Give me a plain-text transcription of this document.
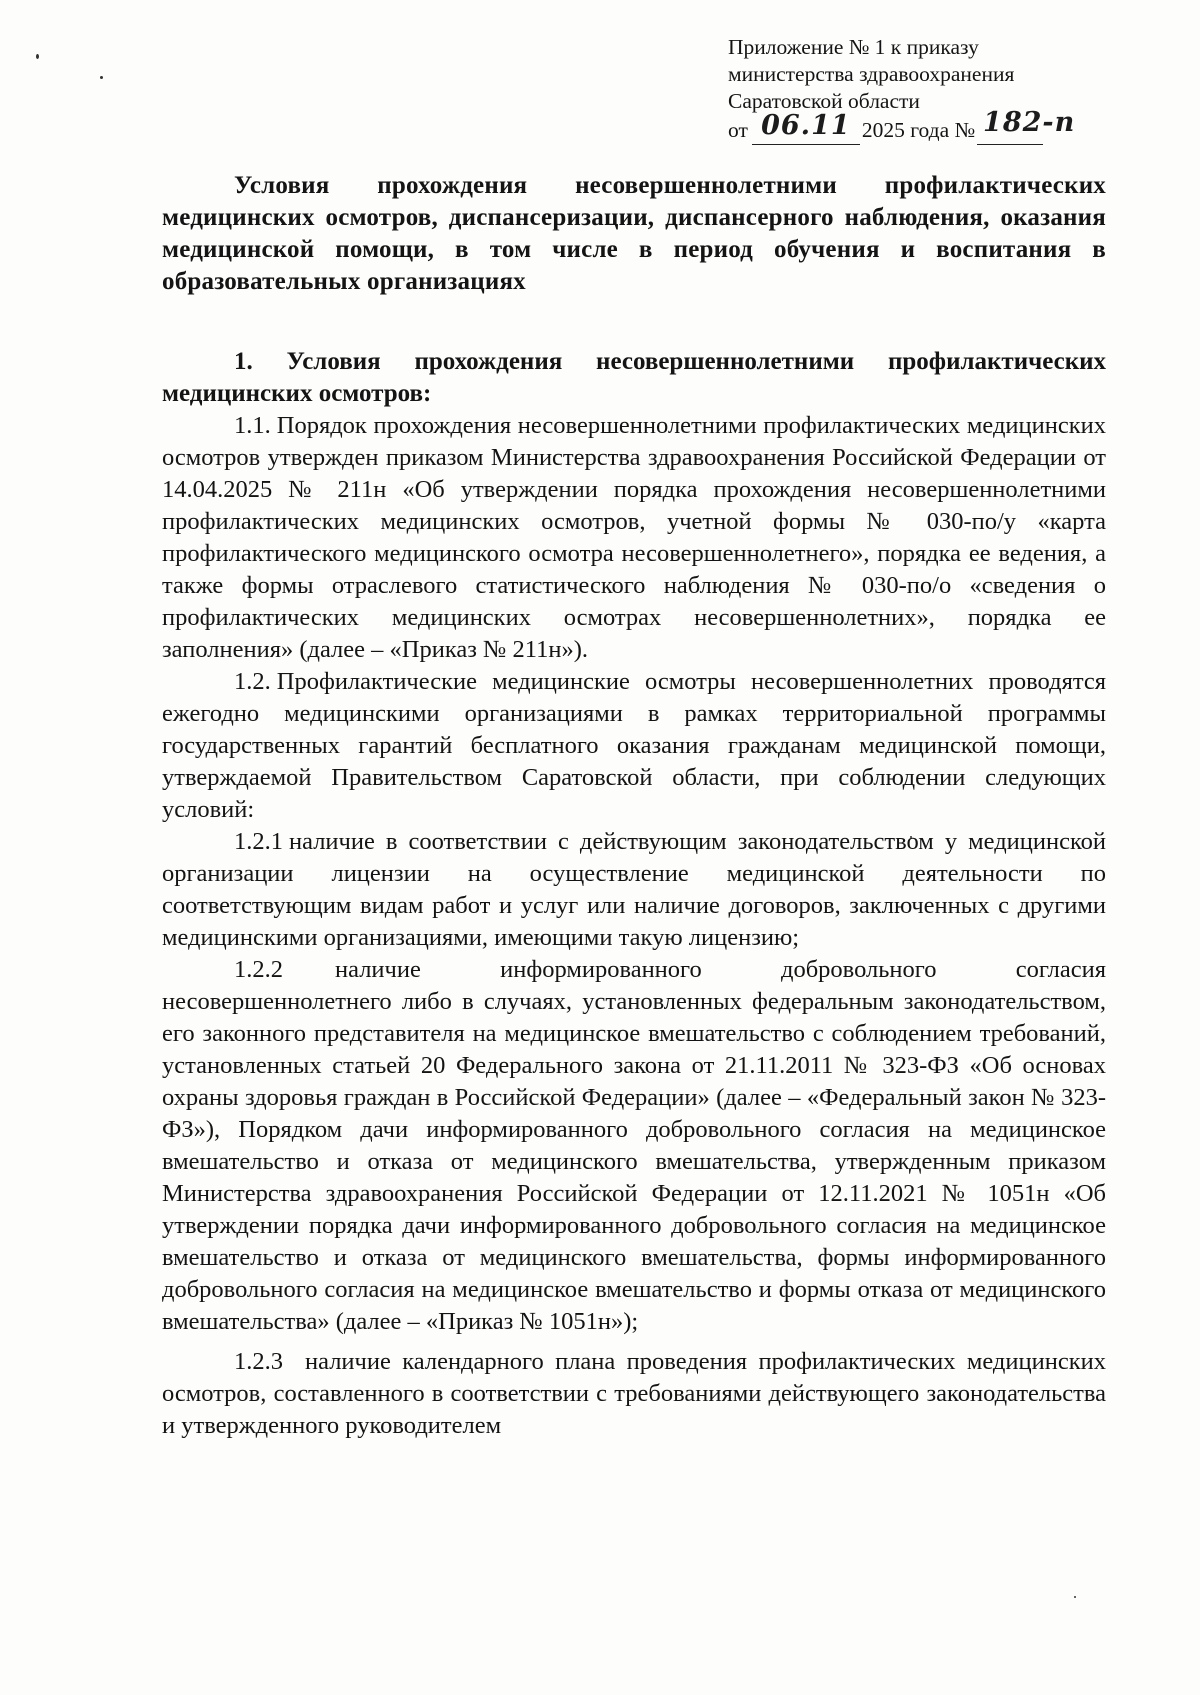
Приложение № 1 к приказу
министерства здравоохранения
Саратовской области
от 06.11 2025 года № 182-п

Условия прохождения несовершеннолетними профилактических медицинских осмотров, диспансеризации, диспансерного наблюдения, оказания медицинской помощи, в том числе в период обучения и воспитания в образовательных организациях

1. Условия прохождения несовершеннолетними профилактических медицинских осмотров:

1.1. Порядок прохождения несовершеннолетними профилактических медицинских осмотров утвержден приказом Министерства здравоохранения Российской Федерации от 14.04.2025 № 211н «Об утверждении порядка прохождения несовершеннолетними профилактических медицинских осмотров, учетной формы № 030-по/у «карта профилактического медицинского осмотра несовершеннолетнего», порядка ее ведения, а также формы отраслевого статистического наблюдения № 030-по/о «сведения о профилактических медицинских осмотрах несовершеннолетних», порядка ее заполнения» (далее – «Приказ № 211н»).

1.2. Профилактические медицинские осмотры несовершеннолетних проводятся ежегодно медицинскими организациями в рамках территориальной программы государственных гарантий бесплатного оказания гражданам медицинской помощи, утверждаемой Правительством Саратовской области, при соблюдении следующих условий:

1.2.1 наличие в соответствии с действующим законодательством у медицинской организации лицензии на осуществление медицинской деятельности по соответствующим видам работ и услуг или наличие договоров, заключенных с другими медицинскими организациями, имеющими такую лицензию;

1.2.2 наличие информированного добровольного согласия несовершеннолетнего либо в случаях, установленных федеральным законодательством, его законного представителя на медицинское вмешательство с соблюдением требований, установленных статьей 20 Федерального закона от 21.11.2011 № 323-ФЗ «Об основах охраны здоровья граждан в Российской Федерации» (далее – «Федеральный закон № 323-ФЗ»), Порядком дачи информированного добровольного согласия на медицинское вмешательство и отказа от медицинского вмешательства, утвержденным приказом Министерства здравоохранения Российской Федерации от 12.11.2021 № 1051н «Об утверждении порядка дачи информированного добровольного согласия на медицинское вмешательство и отказа от медицинского вмешательства, формы информированного добровольного согласия на медицинское вмешательство и формы отказа от медицинского вмешательства» (далее – «Приказ № 1051н»);

1.2.3 наличие календарного плана проведения профилактических медицинских осмотров, составленного в соответствии с требованиями действующего законодательства и утвержденного руководителем
